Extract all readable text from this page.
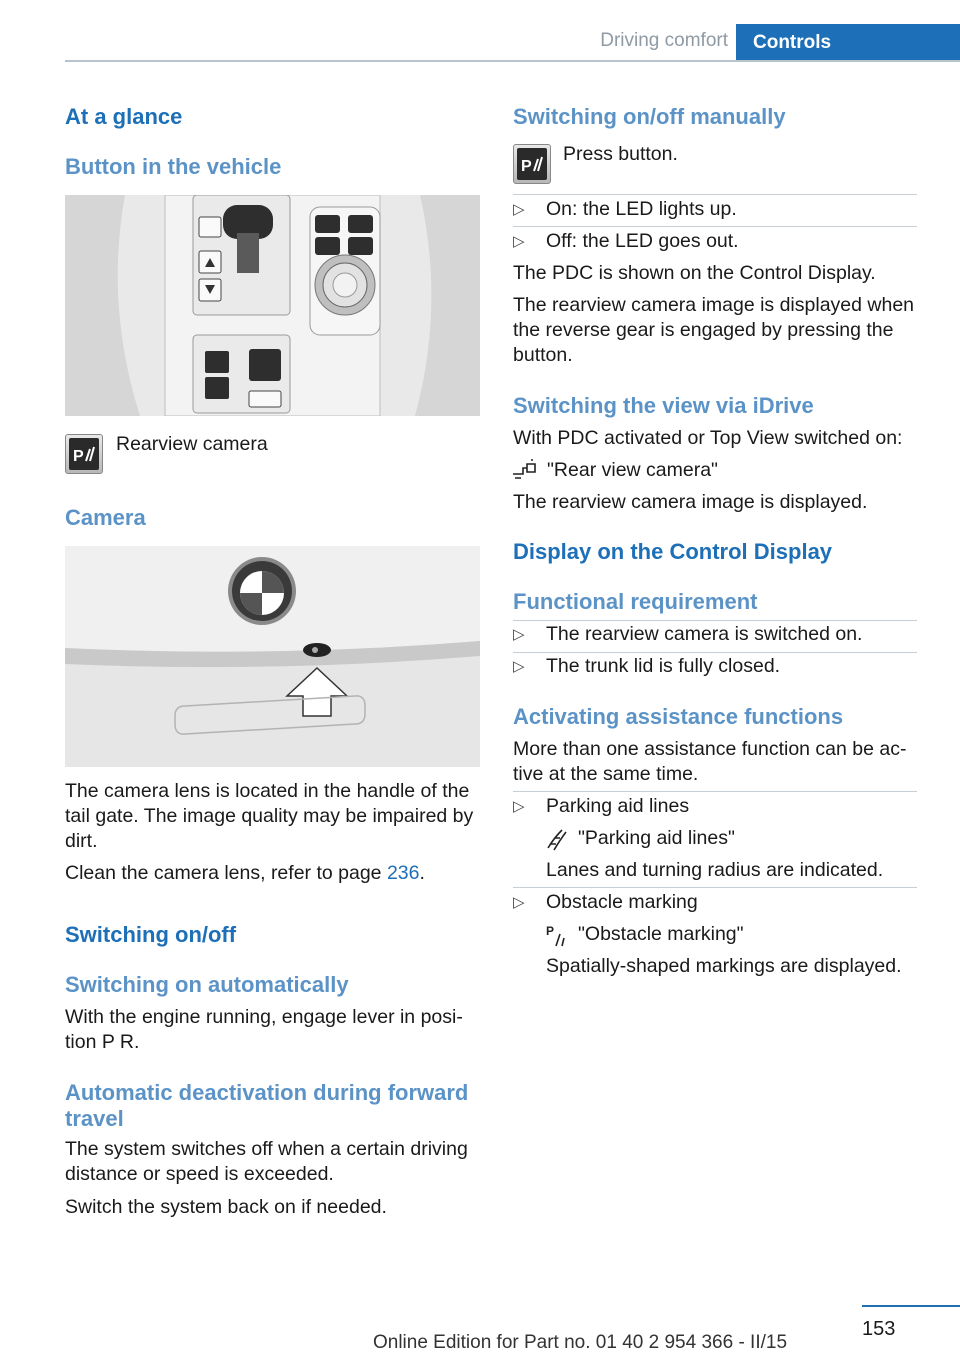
Driving comfort	Controls
At a glance
Button in the vehicle
P

Rearview camera

Camera

The camera lens is located in the handle of the

tail gate. The image quality may be impaired by

dirt.

Clean the camera lens, refer to page 236.

Switching on/off
Switching on automatically

With the engine running, engage lever in posi‐

tion P R.

Automatic deactivation during forward
travel

The system switches off when a certain driving

distance or speed is exceeded.

Switch the system back on if needed.

Switching on/off manually
P

Press button.

▷ On: the LED lights up.
▷ Off: the LED goes out.

The PDC is shown on the Control Display.

The rearview camera image is displayed when

the reverse gear is engaged by pressing the

button.

Switching the view via iDrive

With PDC activated or Top View switched on:

"Rear view camera"

The rearview camera image is displayed.

Display on the Control Display
Functional requirement
▷ The rearview camera is switched on.
▷ The trunk lid is fully closed.
Activating assistance functions

More than one assistance function can be ac‐

tive at the same time.

▷ Parking aid lines

"Parking aid lines"

Lanes and turning radius are indicated.

▷ Obstacle marking
P "Obstacle marking"

Spatially-shaped markings are displayed.

153
Online Edition for Part no. 01 40 2 954 366 - II/15
